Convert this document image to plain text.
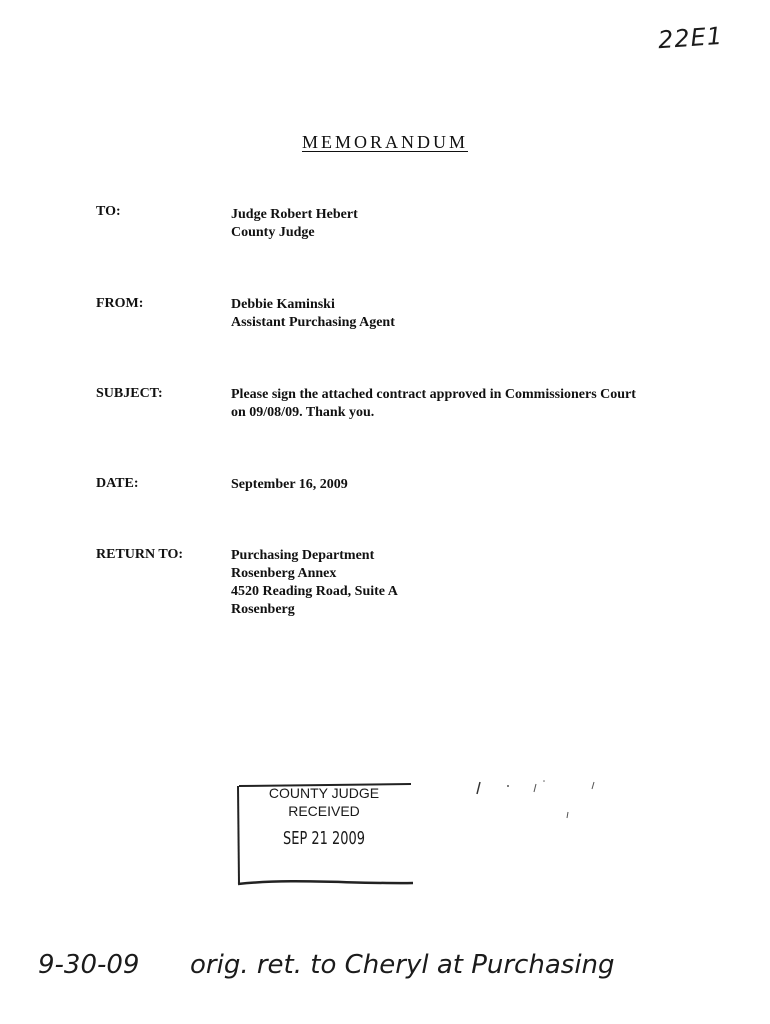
22E1
MEMORANDUM
TO:	Judge Robert Hebert
County Judge
FROM:	Debbie Kaminski
Assistant Purchasing Agent
SUBJECT:	Please sign the attached contract approved in Commissioners Court
on 09/08/09. Thank you.
DATE:	September 16, 2009
RETURN TO:	Purchasing Department
Rosenberg Annex
4520 Reading Road, Suite A
Rosenberg
COUNTY JUDGE
RECEIVED
SEP 21 2009
9-30-09 orig. ret. to Cheryl at Purchasing
